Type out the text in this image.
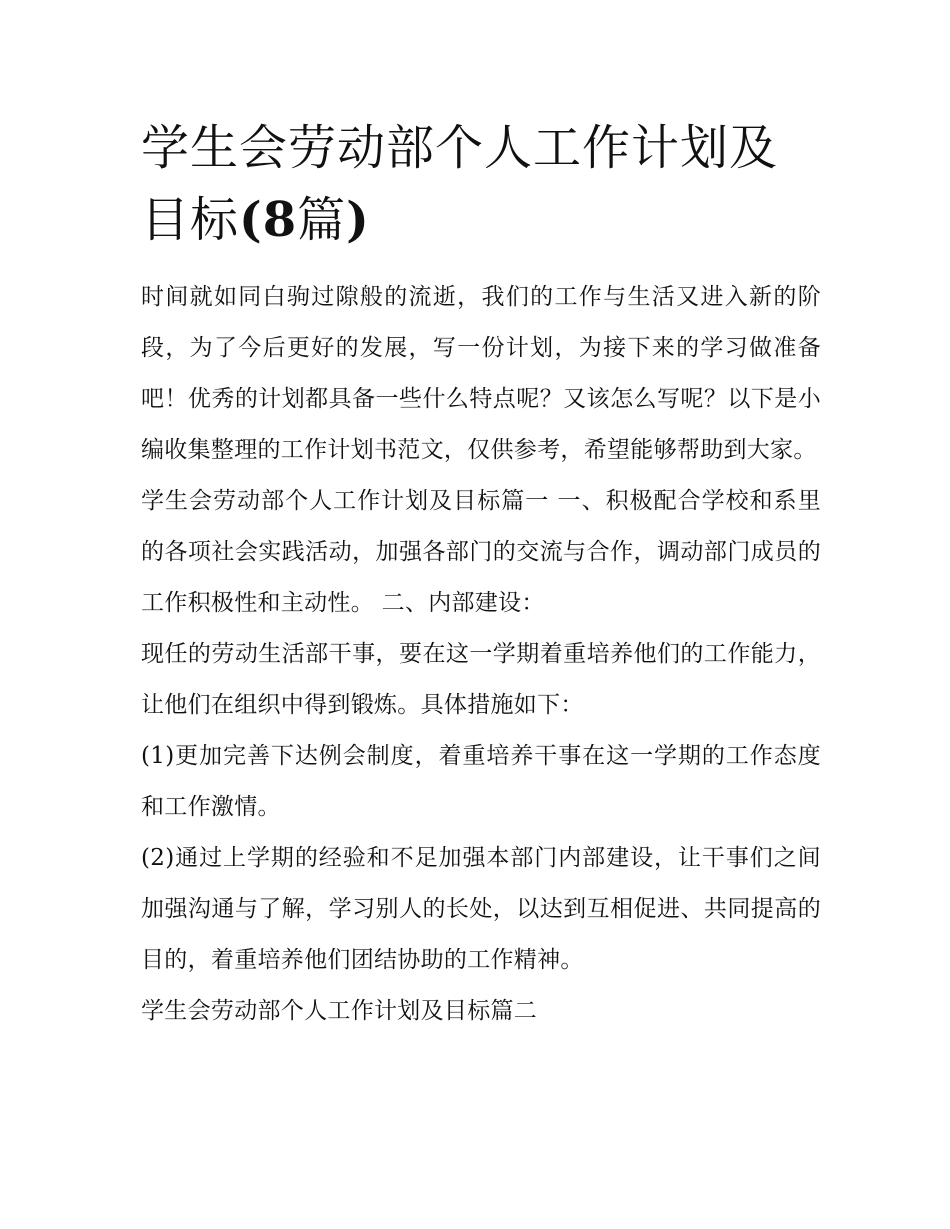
学生会劳动部个人工作计划及
目标(8篇)

时间就如同白驹过隙般的流逝，我们的工作与生活又进入新的阶段，为了今后更好的发展，写一份计划，为接下来的学习做准备吧！优秀的计划都具备一些什么特点呢？又该怎么写呢？以下是小编收集整理的工作计划书范文，仅供参考，希望能够帮助到大家。

学生会劳动部个人工作计划及目标篇一 一、积极配合学校和系里的各项社会实践活动，加强各部门的交流与合作，调动部门成员的工作积极性和主动性。 二、内部建设：

现任的劳动生活部干事，要在这一学期着重培养他们的工作能力，让他们在组织中得到锻炼。具体措施如下：

(1)更加完善下达例会制度，着重培养干事在这一学期的工作态度和工作激情。

(2)通过上学期的经验和不足加强本部门内部建设，让干事们之间加强沟通与了解，学习别人的长处，以达到互相促进、共同提高的目的，着重培养他们团结协助的工作精神。

学生会劳动部个人工作计划及目标篇二
